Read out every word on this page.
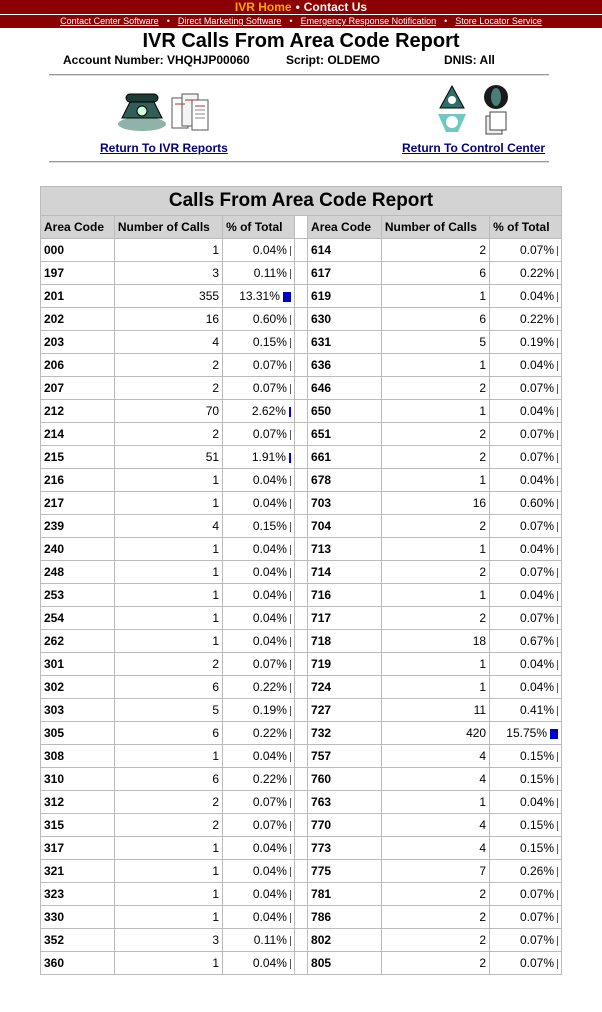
IVR Home • Contact Us
Contact Center Software • Direct Marketing Software • Emergency Response Notification • Store Locator Service
IVR Calls From Area Code Report
Account Number: VHQHJP00060	Script: OLDEMO	DNIS: All
Return To IVR Reports	Return To Control Center
Calls From Area Code Report						
Area Code	Number of Calls	% of Total		Area Code	Number of Calls	% of Total
000	1	0.04%		614	2	0.07%
197	3	0.11%		617	6	0.22%
201	355	13.31%		619	1	0.04%
202	16	0.60%		630	6	0.22%
203	4	0.15%		631	5	0.19%
206	2	0.07%		636	1	0.04%
207	2	0.07%		646	2	0.07%
212	70	2.62%		650	1	0.04%
214	2	0.07%		651	2	0.07%
215	51	1.91%		661	2	0.07%
216	1	0.04%		678	1	0.04%
217	1	0.04%		703	16	0.60%
239	4	0.15%		704	2	0.07%
240	1	0.04%		713	1	0.04%
248	1	0.04%		714	2	0.07%
253	1	0.04%		716	1	0.04%
254	1	0.04%		717	2	0.07%
262	1	0.04%		718	18	0.67%
301	2	0.07%		719	1	0.04%
302	6	0.22%		724	1	0.04%
303	5	0.19%		727	11	0.41%
305	6	0.22%		732	420	15.75%
308	1	0.04%		757	4	0.15%
310	6	0.22%		760	4	0.15%
312	2	0.07%		763	1	0.04%
315	2	0.07%		770	4	0.15%
317	1	0.04%		773	4	0.15%
321	1	0.04%		775	7	0.26%
323	1	0.04%		781	2	0.07%
330	1	0.04%		786	2	0.07%
352	3	0.11%		802	2	0.07%
360	1	0.04%		805	2	0.07%
